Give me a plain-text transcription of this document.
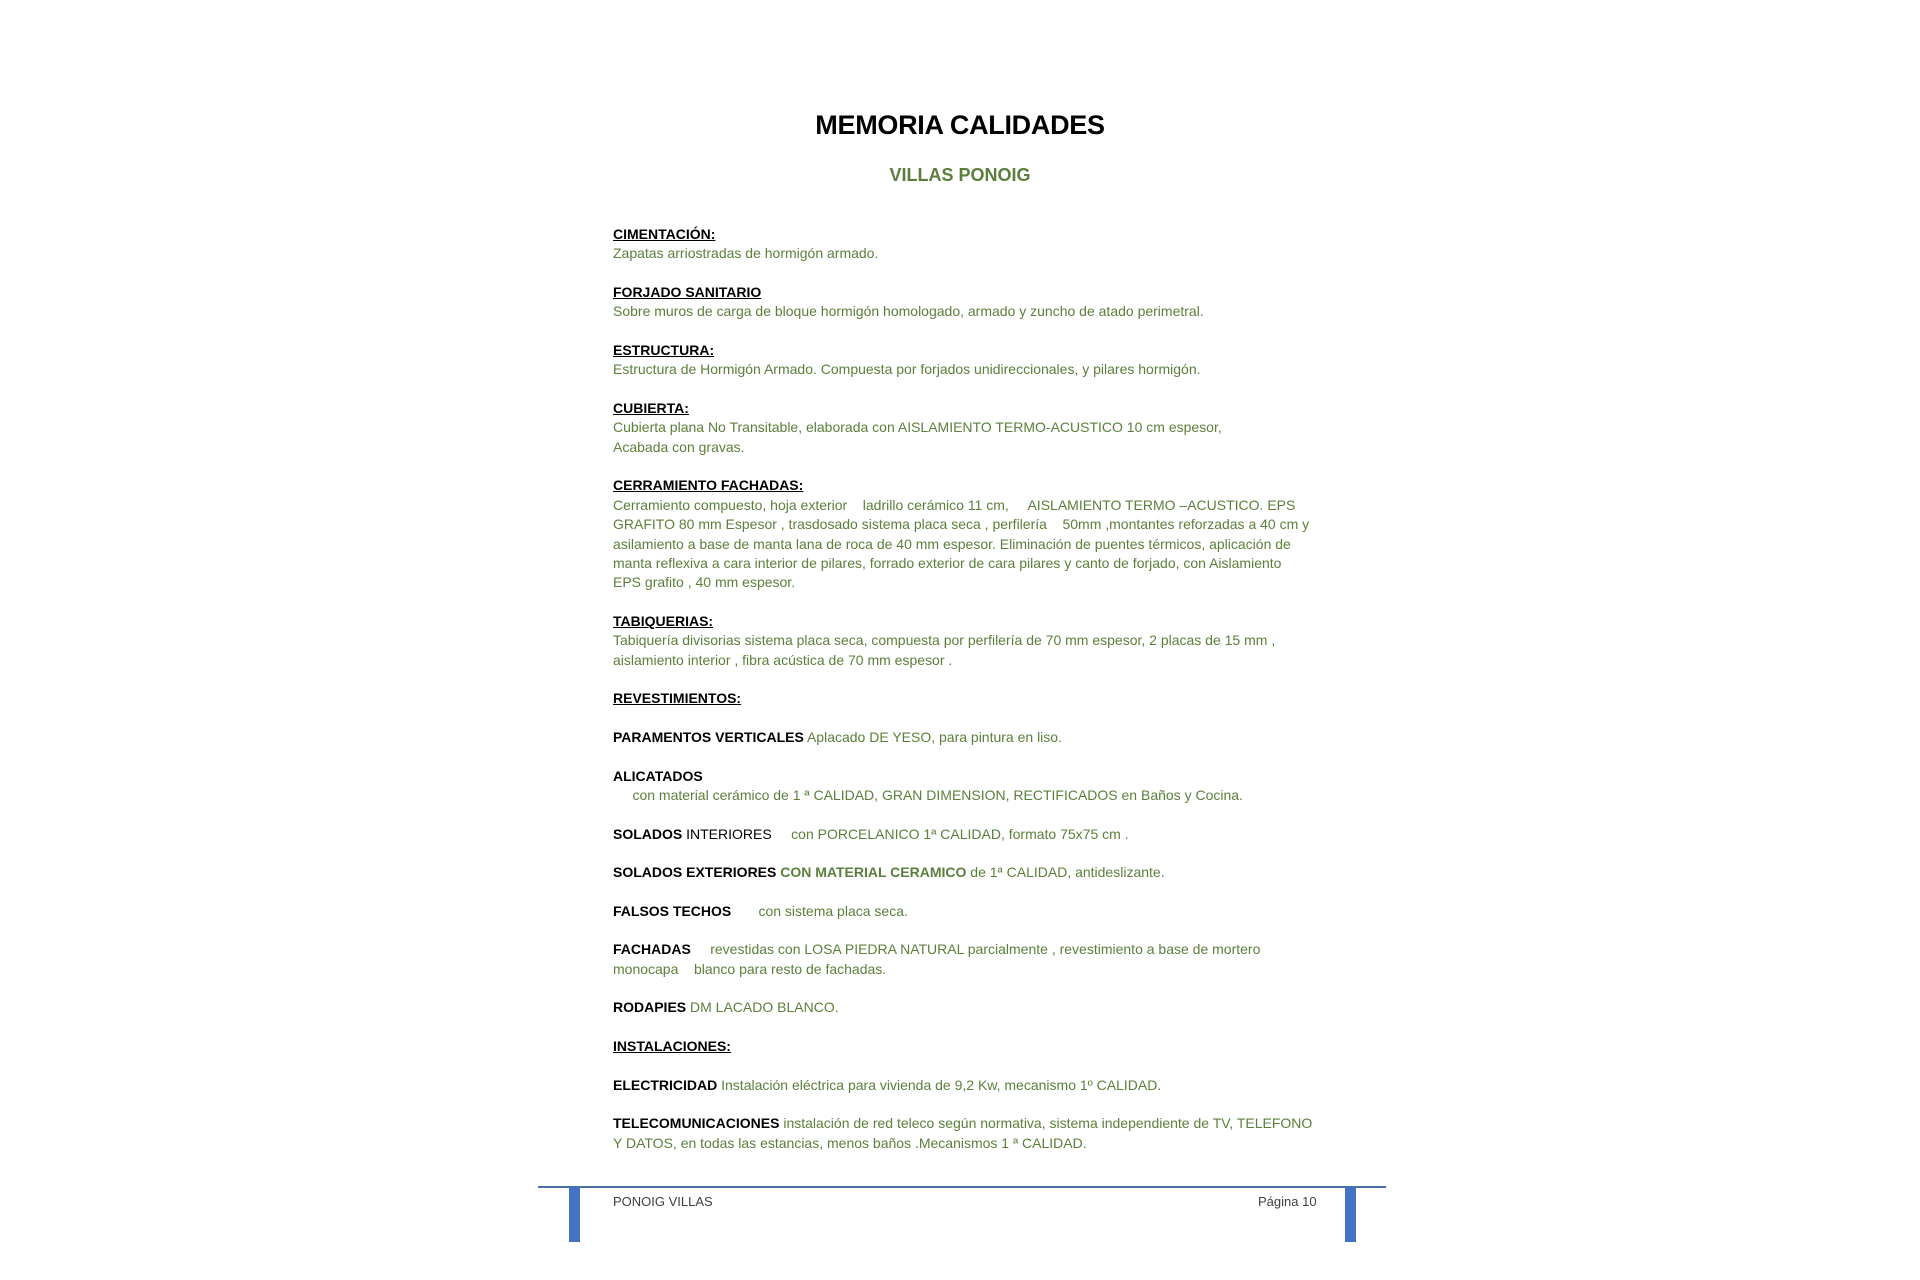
MEMORIA CALIDADES
VILLAS PONOIG
CIMENTACIÓN:
Zapatas arriostradas de hormigón armado.
FORJADO SANITARIO
Sobre muros de carga de bloque hormigón homologado, armado y zuncho de atado perimetral.
ESTRUCTURA:
Estructura de Hormigón Armado. Compuesta por forjados unidireccionales, y pilares hormigón.
CUBIERTA:
Cubierta plana No Transitable, elaborada con AISLAMIENTO TERMO-ACUSTICO 10 cm espesor,
Acabada con gravas.
CERRAMIENTO FACHADAS:
Cerramiento compuesto, hoja exterior    ladrillo cerámico 11 cm,     AISLAMIENTO TERMO –ACUSTICO. EPS
GRAFITO 80 mm Espesor , trasdosado sistema placa seca , perfilería    50mm ,montantes reforzadas a 40 cm y
asilamiento a base de manta lana de roca de 40 mm espesor. Eliminación de puentes térmicos, aplicación de
manta reflexiva a cara interior de pilares, forrado exterior de cara pilares y canto de forjado, con Aislamiento
EPS grafito , 40 mm espesor.
TABIQUERIAS:
Tabiquería divisorias sistema placa seca, compuesta por perfilería de 70 mm espesor, 2 placas de 15 mm ,
aislamiento interior , fibra acústica de 70 mm espesor .
REVESTIMIENTOS:
PARAMENTOS VERTICALES Aplacado DE YESO, para pintura en liso.
ALICATADOS     con material cerámico de 1 ª CALIDAD, GRAN DIMENSION, RECTIFICADOS en Baños y Cocina.
SOLADOS INTERIORES     con PORCELANICO 1ª CALIDAD, formato 75x75 cm .
SOLADOS EXTERIORES CON MATERIAL CERAMICO de 1ª CALIDAD, antideslizante.
FALSOS TECHOS       con sistema placa seca.
FACHADAS     revestidas con LOSA PIEDRA NATURAL parcialmente , revestimiento a base de mortero
monocapa    blanco para resto de fachadas.
RODAPIES DM LACADO BLANCO.
INSTALACIONES:
ELECTRICIDAD Instalación eléctrica para vivienda de 9,2 Kw, mecanismo 1º CALIDAD.
TELECOMUNICACIONES instalación de red teleco según normativa, sistema independiente de TV, TELEFONO
Y DATOS, en todas las estancias, menos baños .Mecanismos 1 ª CALIDAD.
PONOIG VILLAS	Página 10
